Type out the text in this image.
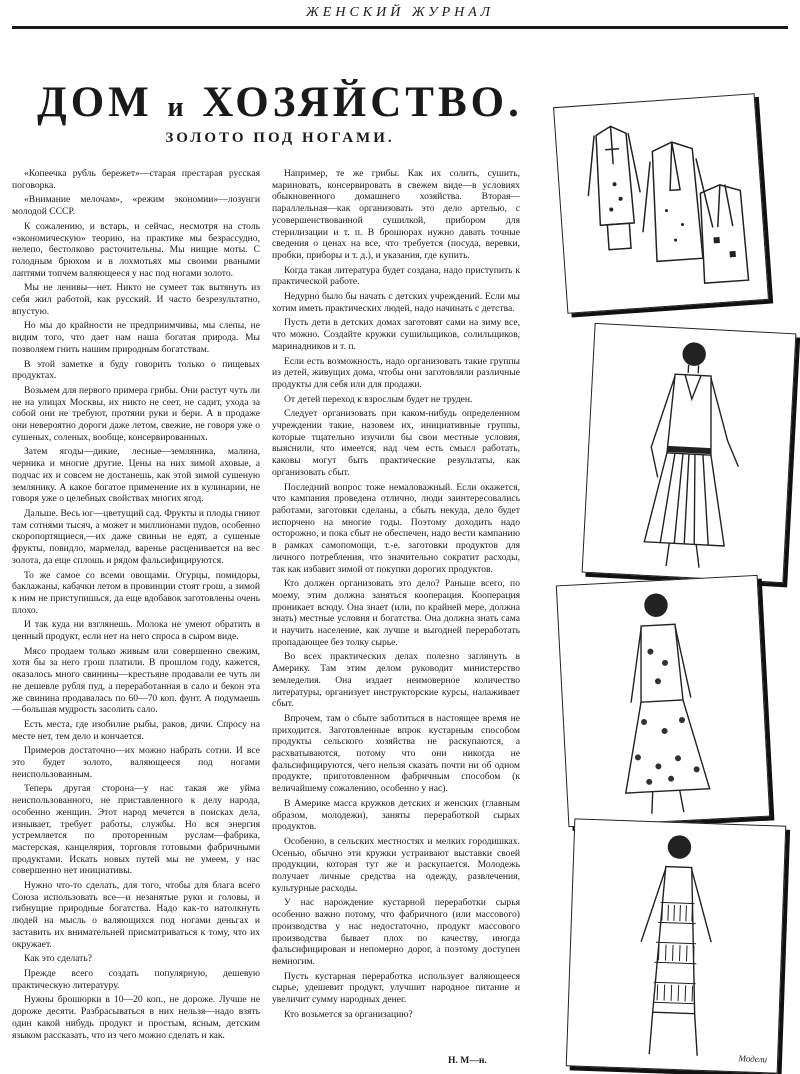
ЖЕНСКИЙ ЖУРНАЛ
ДОМ и ХОЗЯЙСТВО.
ЗОЛОТО ПОД НОГАМИ.

«Копеечка рубль бережет»—старая престарая русская поговорка.

«Внимание мелочам», «режим экономии»—лозунги молодой СССР.

К сожалению, и встарь, и сейчас, несмотря на столь «экономическую» теорию, на практике мы безрассудно, нелепо, бестолково расточительны. Мы нищие моты. С голодным брюхом и в лохмотьях мы своими рваными лаптями топчем валяющееся у нас под ногами золото.

Мы не ленивы—нет. Никто не сумеет так вытянуть из себя жил работой, как русский. И часто безрезультатно, впустую.

Но мы до крайности не предприимчивы, мы слепы, не видим того, что дает нам наша богатая природа. Мы позволяем гнить нашим природным богатствам.

В этой заметке я буду говорить только о пищевых продуктах.

Возьмем для первого примера грибы. Они растут чуть ли не на улицах Москвы, их никто не сеет, не садит, ухода за собой они не требуют, протяни руки и бери. А в продаже они невероятно дороги даже летом, свежие, не говоря уже о сушеных, соленых, вообще, консервированных.

Затем ягоды—дикие, лесные—земляника, малина, черника и многие другие. Цены на них зимой аховые, а подчас их и совсем не достанешь, как этой зимой сушеную землянику. А какое богатое применение их в кулинарии, не говоря уже о целебных свойствах многих ягод.

Дальше. Весь юг—цветущий сад. Фрукты и плоды гниют там сотнями тысяч, а может и миллионами пудов, особенно скоропортящиеся,—их даже свиньи не едят, а сушеные фрукты, повидло, мармелад, варенье расценивается на вес золота, да еще сплошь и рядом фальсифицируются.

То же самое со всеми овощами. Огурцы, помидоры, баклажаны, кабачки летом в провинции стоят грош, а зимой к ним не приступишься, да еще вдобавок заготовлены очень плохо.

И так куда ни взглянешь. Молока не умеют обратить в ценный продукт, если нет на него спроса в сыром виде.

Мясо продаем только живым или совершенно свежим, хотя бы за него грош платили. В прошлом году, кажется, оказалось много свинины—крестьяне продавали ее чуть ли не дешевле рубля пуд, а переработанная в сало и бекон эта же свинина продавалась по 60—70 коп. фунт. А подумаешь—большая мудрость засолить сало.

Есть места, где изобилие рыбы, раков, дичи. Спросу на месте нет, тем дело и кончается.

Примеров достаточно—их можно набрать сотни. И все это будет золото, валяющееся под ногами неиспользованным.

Теперь другая сторона—у нас такая же уйма неиспользованного, не приставленного к делу народа, особенно женщин. Этот народ мечется в поисках дела, изнывает, требует работы, службы. Но вся энергия устремляется по проторенным руслам—фабрика, мастерская, канцелярия, торговля готовыми фабричными продуктами. Искать новых путей мы не умеем, у нас совершенно нет инициативы.

Нужно что-то сделать, для того, чтобы для блага всего Союза использовать все—и незанятые руки и головы, и гибнущие природные богатства. Надо как-то натолкнуть людей на мысль о валяющихся под ногами деньгах и заставить их внимательней присматриваться к тому, что их окружает.

Как это сделать?

Прежде всего создать популярную, дешевую практическую литературу.

Нужны брошюрки в 10—20 коп., не дороже. Лучше не дороже десяти. Разбрасываться в них нельзя—надо взять один какой нибудь продукт и простым, ясным, детским языком рассказать, что из чего можно сделать и как.

Например, те же грибы. Как их солить, сушить, мариновать, консервировать в свежем виде—в условиях обыкновенного домашнего хозяйства. Вторая—параллельная—как организовать это дело артелью, с усовершенствованной сушилкой, прибором для стерилизации и т. п. В брошюрах нужно давать точные сведения о ценах на все, что требуется (посуда, веревки, пробки, приборы и т. д.), и указания, где купить.

Когда такая литература будет создана, надо приступить к практической работе.

Недурно было бы начать с детских учреждений. Если мы хотим иметь практических людей, надо начинать с детства.

Пусть дети в детских домах заготовят сами на зиму все, что можно. Создайте кружки сушильщиков, солильщиков, маринадников и т. п.

Если есть возможность, надо организовать такие группы из детей, живущих дома, чтобы они заготовляли различные продукты для себя или для продажи.

От детей переход к взрослым будет не труден.

Следует организовать при каком-нибудь определенном учреждении такие, назовем их, инициативные группы, которые тщательно изучили бы свои местные условия, выяснили, что имеется, над чем есть смысл работать, каковы могут быть практические результаты, как организовать сбыт.

Последний вопрос тоже немаловажный. Если окажется, что кампания проведена отлично, люди заинтересовались работами, заготовки сделаны, а сбыть некуда, дело будет испорчено на многие годы. Поэтому доходить надо осторожно, и пока сбыт не обеспечен, надо вести кампанию в рамках самопомощи, т.-е. заготовки продуктов для личного потребления, что значительно сократит расходы, так как избавит зимой от покупки дорогих продуктов.

Кто должен организовать это дело? Раньше всего, по моему, этим должна заняться кооперация. Кооперация проникает всюду. Она знает (или, по крайней мере, должна знать) местные условия и богатства. Она должна знать сама и научить население, как лучше и выгодней переработать пропадающее без толку сырье.

Во всех практических делах полезно заглянуть в Америку. Там этим делом руководит министерство земледелия. Она издает неимоверное количество литературы, организует инструкторские курсы, налаживает сбыт.

Впрочем, там о сбыте заботиться в настоящее время не приходится. Заготовленные впрок кустарным способом продукты сельского хозяйства не раскупаются, а расхватываются, потому что они никогда не фальсифицируются, чего нельзя сказать почти ни об одном продукте, приготовленном фабричным способом (к величайшему сожалению, особенно у нас).

В Америке масса кружков детских и женских (главным образом, молодежи), заняты переработкой сырых продуктов.

Особенно, в сельских местностях и мелких городишках. Осенью, обычно эти кружки устраивают выставки своей продукции, которая тут же и раскупается. Молодежь получает личные средства на одежду, развлечения, культурные расходы.

У нас нарождение кустарной переработки сырья особенно важно потому, что фабричного (или массового) производства у нас недостаточно, продукт массового производства бывает плох по качеству, иногда фальсифицирован и непомерно дорог, а поэтому доступен немногим.

Пусть кустарная переработка использует валяющееся сырье, удешевит продукт, улучшит народное питание и увеличит сумму народных денег.

Кто возьмется за организацию?

Н. М—н.	Модели
